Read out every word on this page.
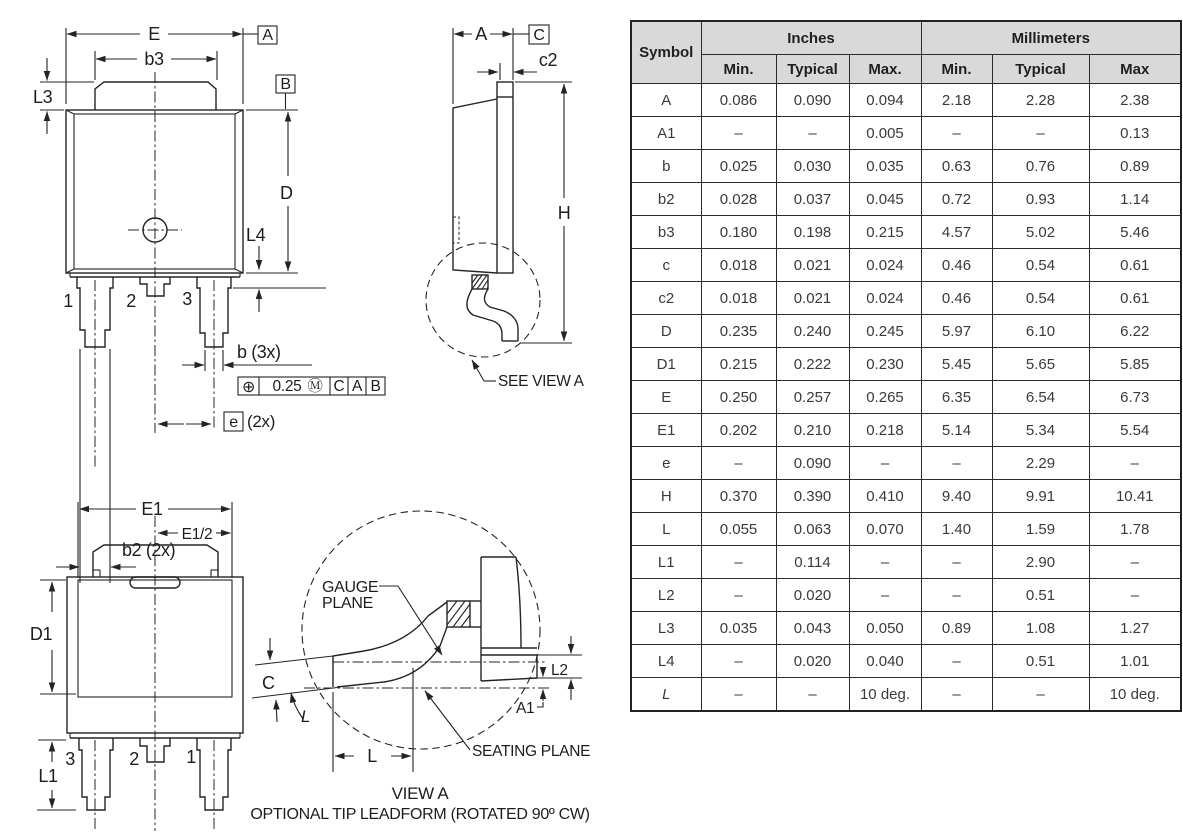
E	A
b3
L3
1	2	3
L4
D
B
b (3x)
⊕ 0.25 Ⓜ C A B
e (2x)
b2 (2x)
A	C
c2
H
SEE VIEW A
E1
E1/2
D1
3	2	1
L1
GAUGE
PLANE
C
L
L
L2
A1
SEATING PLANE
VIEW A
OPTIONAL TIP LEADFORM (ROTATED 90º CW)
Symbol	Inches			Millimeters		
	Min.	Typical	Max.	Min.	Typical	Max
A	0.086	0.090	0.094	2.18	2.28	2.38
A1	–	–	0.005	–	–	0.13
b	0.025	0.030	0.035	0.63	0.76	0.89
b2	0.028	0.037	0.045	0.72	0.93	1.14
b3	0.180	0.198	0.215	4.57	5.02	5.46
c	0.018	0.021	0.024	0.46	0.54	0.61
c2	0.018	0.021	0.024	0.46	0.54	0.61
D	0.235	0.240	0.245	5.97	6.10	6.22
D1	0.215	0.222	0.230	5.45	5.65	5.85
E	0.250	0.257	0.265	6.35	6.54	6.73
E1	0.202	0.210	0.218	5.14	5.34	5.54
e	–	0.090	–	–	2.29	–
H	0.370	0.390	0.410	9.40	9.91	10.41
L	0.055	0.063	0.070	1.40	1.59	1.78
L1	–	0.114	–	–	2.90	–
L2	–	0.020	–	–	0.51	–
L3	0.035	0.043	0.050	0.89	1.08	1.27
L4	–	0.020	0.040	–	0.51	1.01
L	–	–	10 deg.	–	–	10 deg.
